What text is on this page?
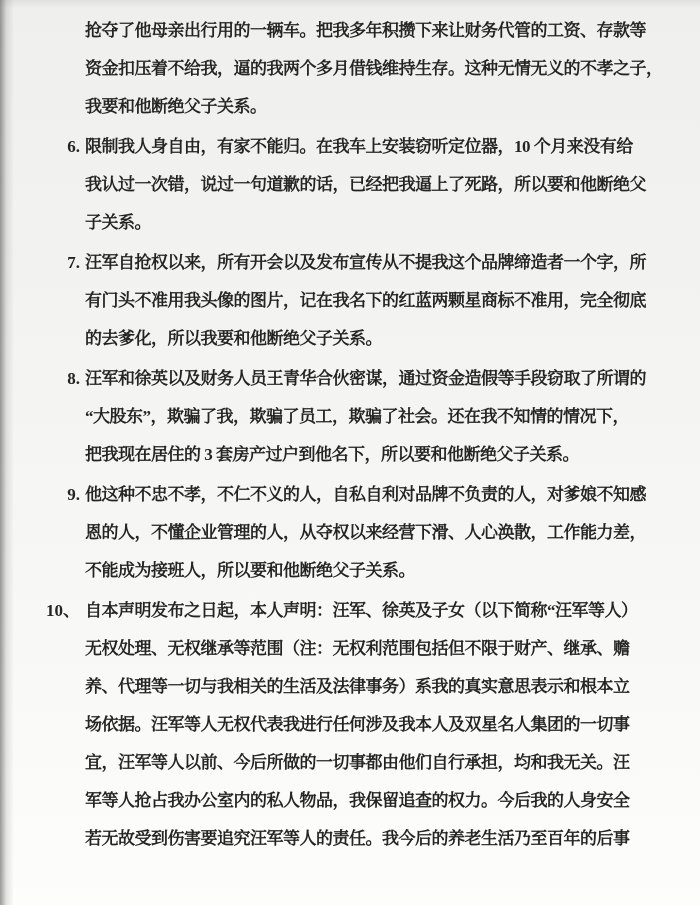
抢夺了他母亲出行用的一辆车。把我多年积攒下来让财务代管的工资、存款等
资金扣压着不给我，逼的我两个多月借钱维持生存。这种无情无义的不孝之子，
我要和他断绝父子关系。
6. 限制我人身自由，有家不能归。在我车上安装窃听定位器，10 个月来没有给
我认过一次错，说过一句道歉的话，已经把我逼上了死路，所以要和他断绝父
子关系。
7. 汪军自抢权以来，所有开会以及发布宣传从不提我这个品牌缔造者一个字，所
有门头不准用我头像的图片，记在我名下的红蓝两颗星商标不准用，完全彻底
的去爹化，所以我要和他断绝父子关系。
8. 汪军和徐英以及财务人员王青华合伙密谋，通过资金造假等手段窃取了所谓的
“大股东”，欺骗了我，欺骗了员工，欺骗了社会。还在我不知情的情况下，
把我现在居住的 3 套房产过户到他名下，所以要和他断绝父子关系。
9. 他这种不忠不孝，不仁不义的人，自私自利对品牌不负责的人，对爹娘不知感
恩的人，不懂企业管理的人，从夺权以来经营下滑、人心涣散，工作能力差，
不能成为接班人，所以要和他断绝父子关系。
10、 自本声明发布之日起，本人声明：汪军、徐英及子女（以下简称“汪军等人）
无权处理、无权继承等范围（注：无权利范围包括但不限于财产、继承、赡
养、代理等一切与我相关的生活及法律事务）系我的真实意思表示和根本立
场依据。汪军等人无权代表我进行任何涉及我本人及双星名人集团的一切事
宜，汪军等人以前、今后所做的一切事都由他们自行承担，均和我无关。汪
军等人抢占我办公室内的私人物品，我保留追查的权力。今后我的人身安全
若无故受到伤害要追究汪军等人的责任。我今后的养老生活乃至百年的后事
